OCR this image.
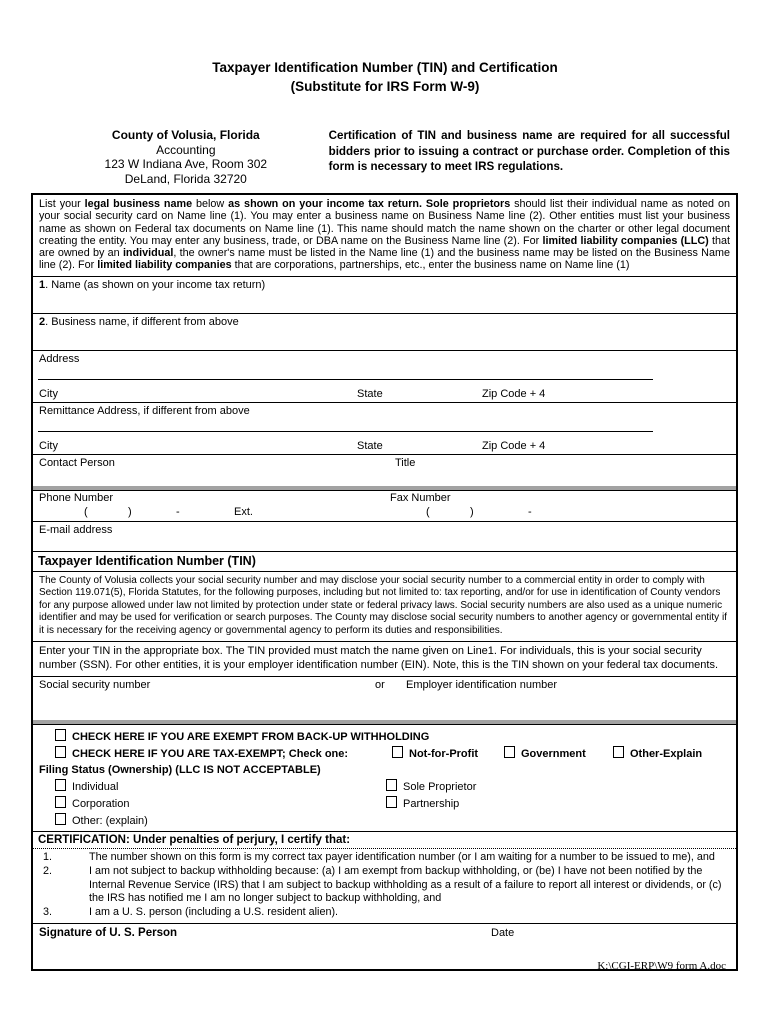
Taxpayer Identification Number (TIN) and Certification
(Substitute for IRS Form W-9)
County of Volusia, Florida
Accounting
123 W Indiana Ave, Room 302
DeLand, Florida 32720
Certification of TIN and business name are required for all successful bidders prior to issuing a contract or purchase order. Completion of this form is necessary to meet IRS regulations.
List your legal business name below as shown on your income tax return. Sole proprietors should list their individual name as noted on your social security card on Name line (1). You may enter a business name on Business Name line (2). Other entities must list your business name as shown on Federal tax documents on Name line (1). This name should match the name shown on the charter or other legal document creating the entity. You may enter any business, trade, or DBA name on the Business Name line (2). For limited liability companies (LLC) that are owned by an individual, the owner's name must be listed in the Name line (1) and the business name may be listed on the Business Name line (2). For limited liability companies that are corporations, partnerships, etc., enter the business name on Name line (1)
1. Name (as shown on your income tax return)
2. Business name, if different from above
Address
City	State	Zip Code + 4
Remittance Address, if different from above
City	State	Zip Code + 4
Contact Person	Title
Phone Number	Fax Number
(	)	-	Ext.	(	)	-
E-mail address
Taxpayer Identification Number (TIN)
The County of Volusia collects your social security number and may disclose your social security number to a commercial entity in order to comply with Section 119.071(5), Florida Statutes, for the following purposes, including but not limited to: tax reporting, and/or for use in identification of County vendors for any purpose allowed under law not limited by protection under state or federal privacy laws. Social security numbers are also used as a unique numeric identifier and may be used for verification or search purposes. The County may disclose social security numbers to another agency or governmental entity if it is necessary for the receiving agency or governmental agency to perform its duties and responsibilities.
Enter your TIN in the appropriate box. The TIN provided must match the name given on Line1. For individuals, this is your social security number (SSN). For other entities, it is your employer identification number (EIN). Note, this is the TIN shown on your federal tax documents.
Social security number	or Employer identification number
CHECK HERE IF YOU ARE EXEMPT FROM BACK-UP WITHHOLDING
CHECK HERE IF YOU ARE TAX-EXEMPT; Check one:	Not-for-Profit	Government	Other-Explain
Filing Status (Ownership) (LLC IS NOT ACCEPTABLE)
Individual	Sole Proprietor
Corporation	Partnership
Other: (explain)
CERTIFICATION: Under penalties of perjury, I certify that:
1.	The number shown on this form is my correct tax payer identification number (or I am waiting for a number to be issued to me), and
2.	I am not subject to backup withholding because: (a) I am exempt from backup withholding, or (be) I have not been notified by the Internal Revenue Service (IRS) that I am subject to backup withholding as a result of a failure to report all interest or dividends, or (c) the IRS has notified me I am no longer subject to backup withholding, and
3.	I am a U. S. person (including a U.S. resident alien).
Signature of U. S. Person	Date
K:\CGI-ERP\W9 form A.doc
